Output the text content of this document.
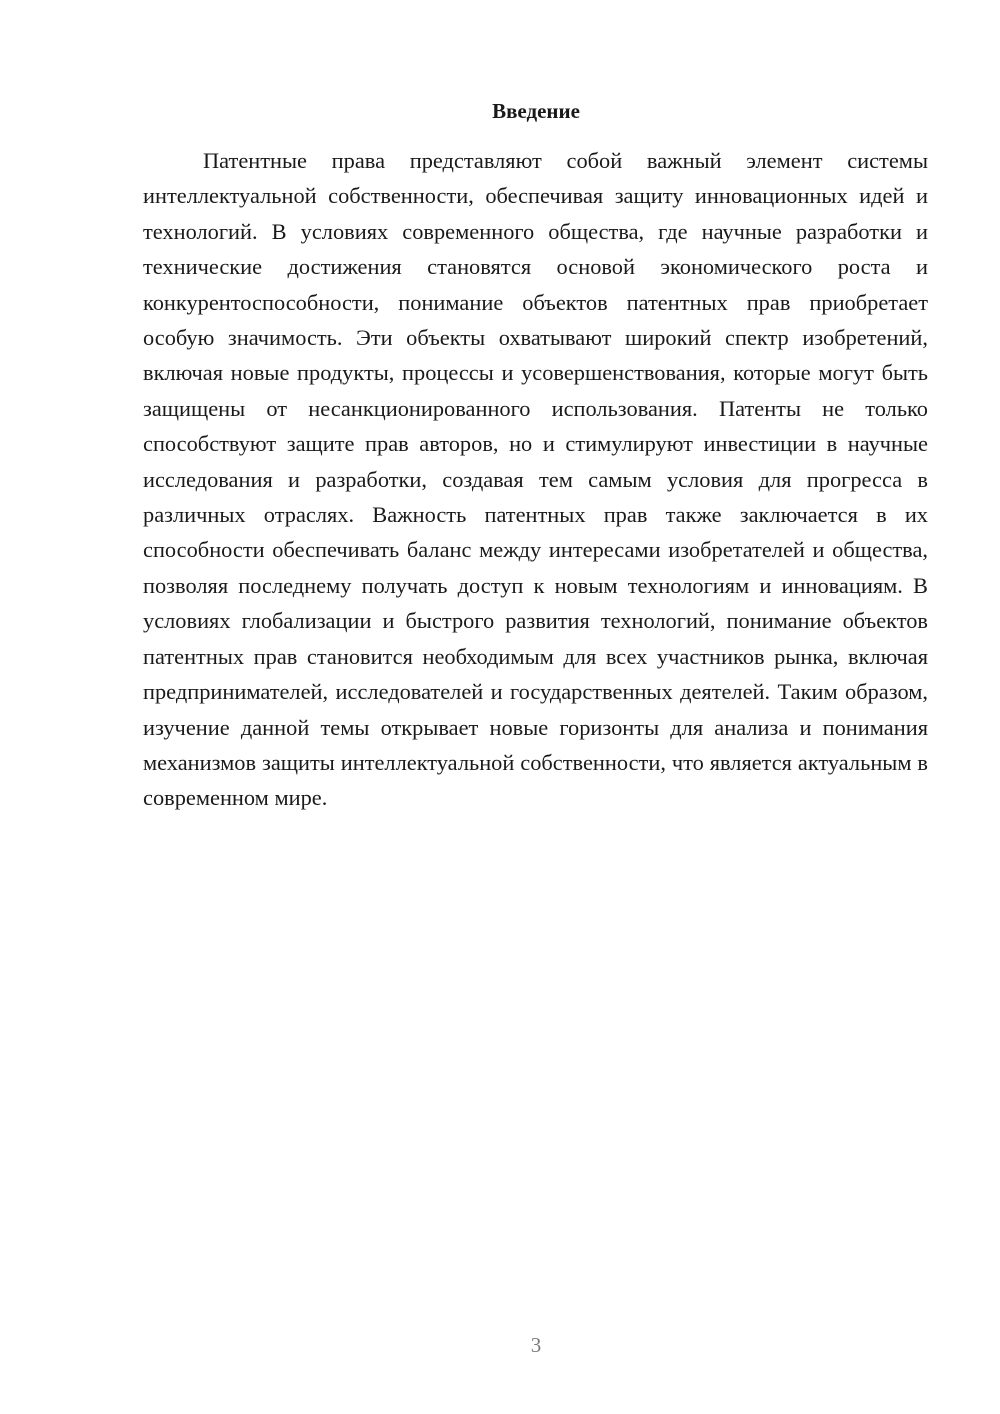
Введение

Патентные права представляют собой важный элемент системы интеллектуальной собственности, обеспечивая защиту инновационных идей и технологий. В условиях современного общества, где научные разработки и технические достижения становятся основой экономического роста и конкурентоспособности, понимание объектов патентных прав приобретает особую значимость. Эти объекты охватывают широкий спектр изобретений, включая новые продукты, процессы и усовершенствования, которые могут быть защищены от несанкционированного использования. Патенты не только способствуют защите прав авторов, но и стимулируют инвестиции в научные исследования и разработки, создавая тем самым условия для прогресса в различных отраслях. Важность патентных прав также заключается в их способности обеспечивать баланс между интересами изобретателей и общества, позволяя последнему получать доступ к новым технологиям и инновациям. В условиях глобализации и быстрого развития технологий, понимание объектов патентных прав становится необходимым для всех участников рынка, включая предпринимателей, исследователей и государственных деятелей. Таким образом, изучение данной темы открывает новые горизонты для анализа и понимания механизмов защиты интеллектуальной собственности, что является актуальным в современном мире.

3
